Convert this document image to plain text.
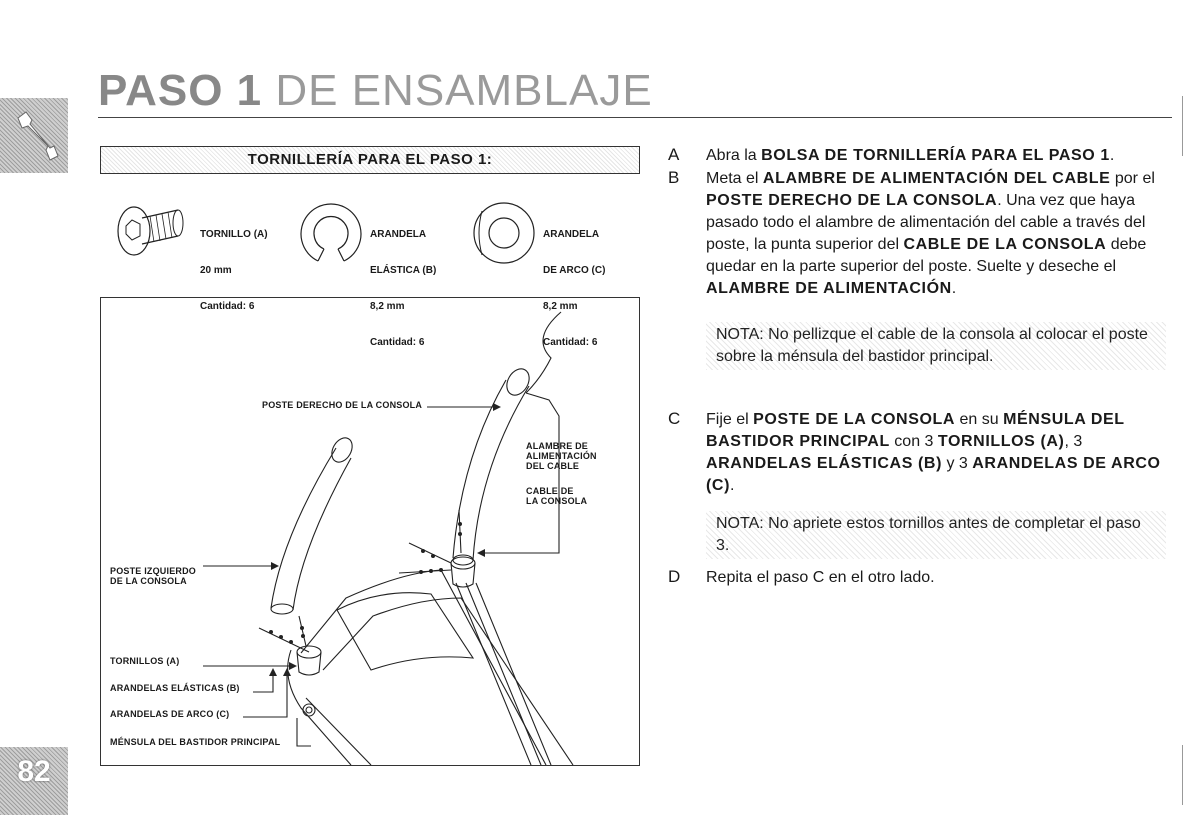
82
PASO 1 DE ENSAMBLAJE
TORNILLERÍA PARA EL PASO 1:

TORNILLO (A)

20 mm

Cantidad: 6

ARANDELA

ELÁSTICA (B)

8,2 mm

Cantidad: 6

ARANDELA

DE ARCO (C)

8,2 mm

Cantidad: 6

POSTE DERECHO DE LA CONSOLA
ALAMBRE DE
ALIMENTACIÓN
DEL CABLE
CABLE DE
LA CONSOLA
POSTE IZQUIERDO
DE LA CONSOLA
TORNILLOS (A)
ARANDELAS ELÁSTICAS (B)
ARANDELAS DE ARCO (C)
MÉNSULA DEL BASTIDOR PRINCIPAL
A Abra la BOLSA DE TORNILLERÍA PARA EL PASO 1.
B Meta el ALAMBRE DE ALIMENTACIÓN DEL CABLE por el POSTE DERECHO DE LA CONSOLA. Una vez que haya pasado todo el alambre de alimentación del cable a través del poste, la punta superior del CABLE DE LA CONSOLA debe quedar en la parte superior del poste. Suelte y deseche el ALAMBRE DE ALIMENTACIÓN.
NOTA: No pellizque el cable de la consola al colocar el poste sobre la ménsula del bastidor principal.
C Fije el POSTE DE LA CONSOLA en su MÉNSULA DEL BASTIDOR PRINCIPAL con 3 TORNILLOS (A), 3 ARANDELAS ELÁSTICAS (B) y 3 ARANDELAS DE ARCO (C).
NOTA: No apriete estos tornillos antes de completar el paso 3.
D Repita el paso C en el otro lado.
